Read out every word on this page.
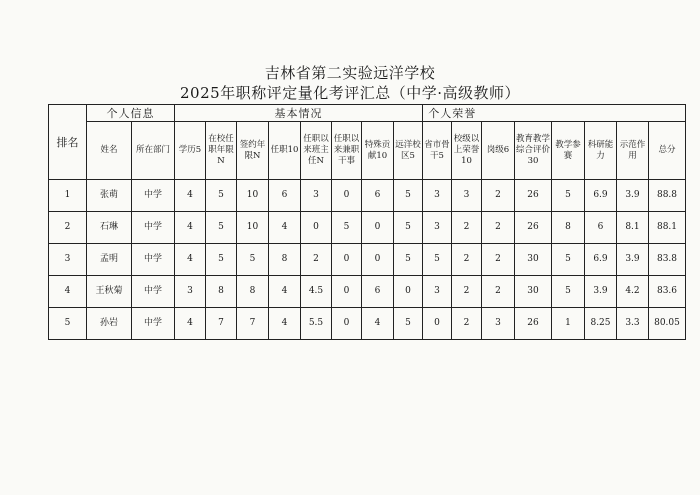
吉林省第二实验远洋学校
2025年职称评定量化考评汇总（中学·高级教师）
排名	个人信息		基本情况								个人荣誉							
	姓名	所在部门	学历5	在校任职年限N	签约年限N	任职10	任职以来班主任N	任职以来兼职干事	特殊贡献10	远洋校区5	省市骨干5	校级以上荣誉10	岗级6	教育教学综合评价30	教学参赛	科研能力	示范作用	总分
1	张萌	中学	4	5	10	6	3	0	6	5	3	3	2	26	5	6.9	3.9	88.8
2	石琳	中学	4	5	10	4	0	5	0	5	3	2	2	26	8	6	8.1	88.1
3	孟明	中学	4	5	5	8	2	0	0	5	5	2	2	30	5	6.9	3.9	83.8
4	王秋菊	中学	3	8	8	4	4.5	0	6	0	3	2	2	30	5	3.9	4.2	83.6
5	孙岩	中学	4	7	7	4	5.5	0	4	5	0	2	3	26	1	8.25	3.3	80.05
